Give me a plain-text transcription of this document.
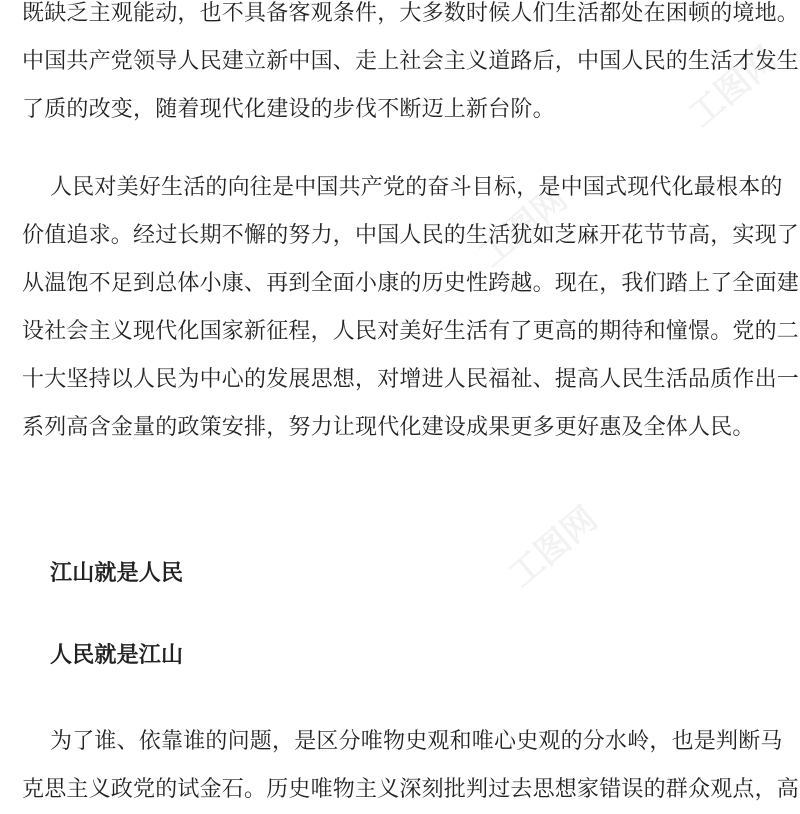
工图网
工图网
工图网
既缺乏主观能动，也不具备客观条件，大多数时候人们生活都处在困顿的境地。
中国共产党领导人民建立新中国、走上社会主义道路后，中国人民的生活才发生
了质的改变，随着现代化建设的步伐不断迈上新台阶。
人民对美好生活的向往是中国共产党的奋斗目标，是中国式现代化最根本的
价值追求。经过长期不懈的努力，中国人民的生活犹如芝麻开花节节高，实现了
从温饱不足到总体小康、再到全面小康的历史性跨越。现在，我们踏上了全面建
设社会主义现代化国家新征程，人民对美好生活有了更高的期待和憧憬。党的二
十大坚持以人民为中心的发展思想，对增进人民福祉、提高人民生活品质作出一
系列高含金量的政策安排，努力让现代化建设成果更多更好惠及全体人民。
江山就是人民
人民就是江山
为了谁、依靠谁的问题，是区分唯物史观和唯心史观的分水岭，也是判断马
克思主义政党的试金石。历史唯物主义深刻批判过去思想家错误的群众观点，高
